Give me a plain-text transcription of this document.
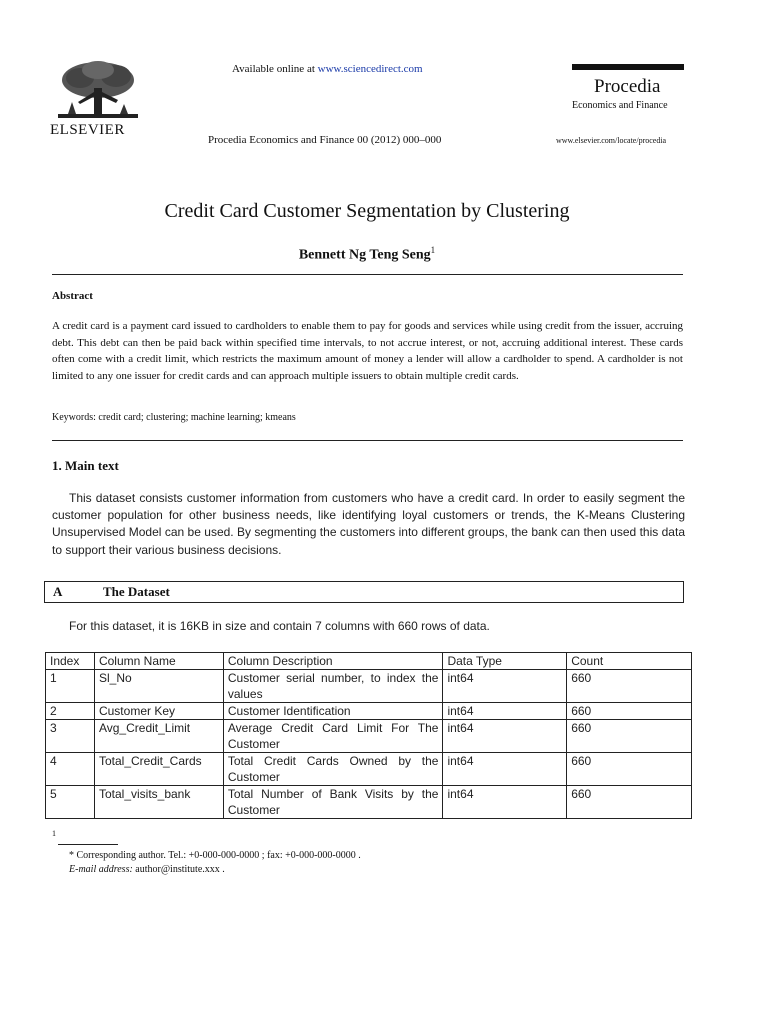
ELSEVIER
Available online at www.sciencedirect.com
Procedia Economics and Finance 00 (2012) 000–000
Procedia
Economics and Finance
www.elsevier.com/locate/procedia
Credit Card Customer Segmentation by Clustering
Bennett Ng Teng Seng$^1$
Abstract
A credit card is a payment card issued to cardholders to enable them to pay for goods and services while using credit from the issuer, accruing debt. This debt can then be paid back within specified time intervals, to not accrue interest, or not, accruing additional interest. These cards often come with a credit limit, which restricts the maximum amount of money a lender will allow a cardholder to spend. A cardholder is not limited to any one issuer for credit cards and can approach multiple issuers to obtain multiple credit cards.
Keywords: credit card; clustering; machine learning; kmeans
1. Main text
This dataset consists customer information from customers who have a credit card. In order to easily segment the customer population for other business needs, like identifying loyal customers or trends, the K-Means Clustering Unsupervised Model can be used. By segmenting the customers into different groups, the bank can then used this data to support their various business decisions.
A	The Dataset
For this dataset, it is 16KB in size and contain 7 columns with 660 rows of data.
Index	Column Name	Column Description	Data Type	Count
1	Sl_No	Customer serial number, to index the values	int64	660
2	Customer Key	Customer Identification	int64	660
3	Avg_Credit_Limit	Average Credit Card Limit For The Customer	int64	660
4	Total_Credit_Cards	Total Credit Cards Owned by the Customer	int64	660
5	Total_visits_bank	Total Number of Bank Visits by the Customer	int64	660
1
* Corresponding author. Tel.: +0-000-000-0000 ; fax: +0-000-000-0000 .
E-mail address: author@institute.xxx .
